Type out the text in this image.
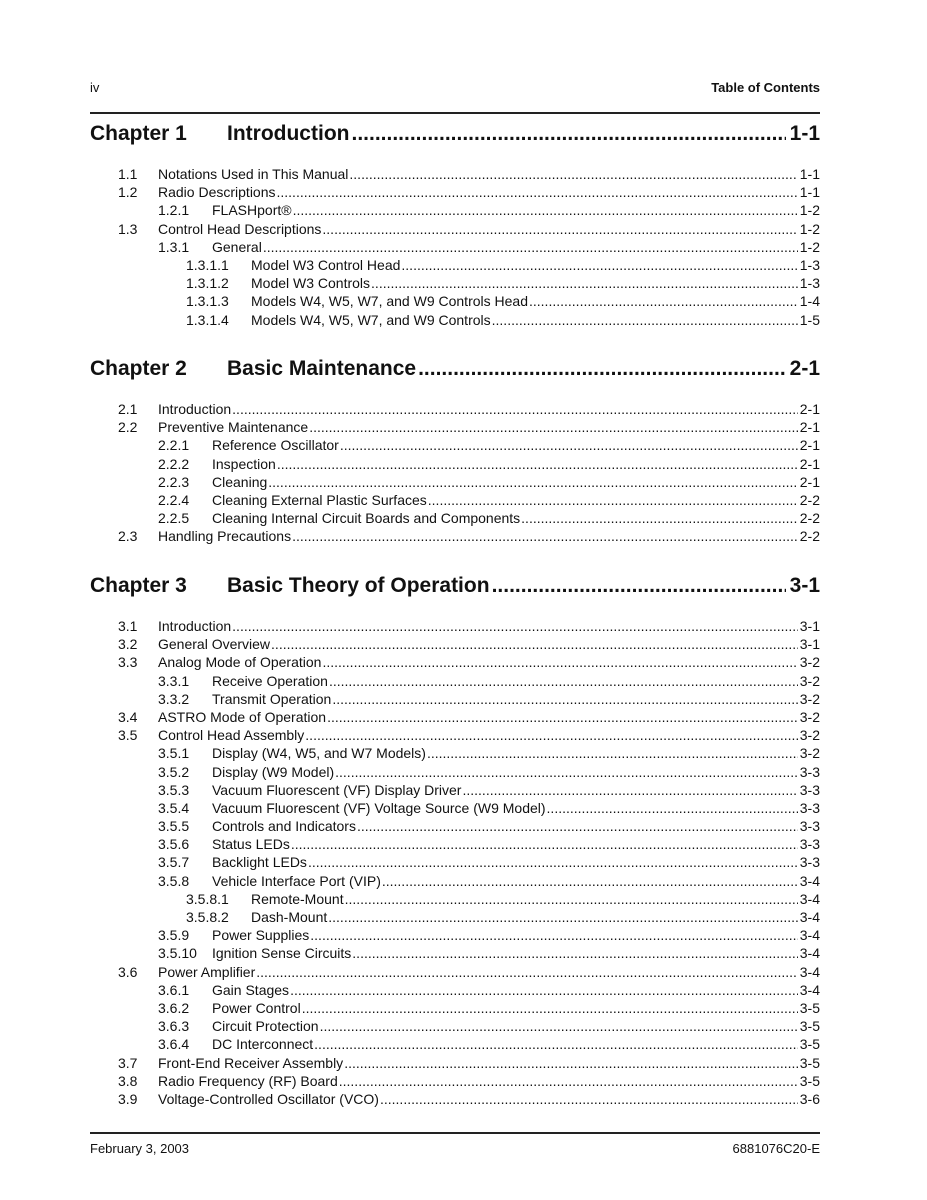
iv	Table of Contents
Chapter 1	Introduction .....	1-1
1.1	Notations Used in This Manual .....	1-1
1.2	Radio Descriptions .....	1-1
1.2.1	FLASHport® .....	1-2
1.3	Control Head Descriptions .....	1-2
1.3.1	General .....	1-2
1.3.1.1	Model W3 Control Head .....	1-3
1.3.1.2	Model W3 Controls .....	1-3
1.3.1.3	Models W4, W5, W7, and W9 Controls Head .....	1-4
1.3.1.4	Models W4, W5, W7, and W9 Controls .....	1-5
Chapter 2	Basic Maintenance .....	2-1
2.1	Introduction .....	2-1
2.2	Preventive Maintenance .....	2-1
2.2.1	Reference Oscillator .....	2-1
2.2.2	Inspection .....	2-1
2.2.3	Cleaning .....	2-1
2.2.4	Cleaning External Plastic Surfaces .....	2-2
2.2.5	Cleaning Internal Circuit Boards and Components .....	2-2
2.3	Handling Precautions .....	2-2
Chapter 3	Basic Theory of Operation .....	3-1
3.1	Introduction .....	3-1
3.2	General Overview .....	3-1
3.3	Analog Mode of Operation .....	3-2
3.3.1	Receive Operation .....	3-2
3.3.2	Transmit Operation .....	3-2
3.4	ASTRO Mode of Operation .....	3-2
3.5	Control Head Assembly .....	3-2
3.5.1	Display (W4, W5, and W7 Models) .....	3-2
3.5.2	Display (W9 Model) .....	3-3
3.5.3	Vacuum Fluorescent (VF) Display Driver .....	3-3
3.5.4	Vacuum Fluorescent (VF) Voltage Source (W9 Model) .....	3-3
3.5.5	Controls and Indicators .....	3-3
3.5.6	Status LEDs .....	3-3
3.5.7	Backlight LEDs .....	3-3
3.5.8	Vehicle Interface Port (VIP) .....	3-4
3.5.8.1	Remote-Mount .....	3-4
3.5.8.2	Dash-Mount .....	3-4
3.5.9	Power Supplies .....	3-4
3.5.10	Ignition Sense Circuits .....	3-4
3.6	Power Amplifier .....	3-4
3.6.1	Gain Stages .....	3-4
3.6.2	Power Control .....	3-5
3.6.3	Circuit Protection .....	3-5
3.6.4	DC Interconnect .....	3-5
3.7	Front-End Receiver Assembly .....	3-5
3.8	Radio Frequency (RF) Board .....	3-5
3.9	Voltage-Controlled Oscillator (VCO) .....	3-6
February 3, 2003	6881076C20-E
